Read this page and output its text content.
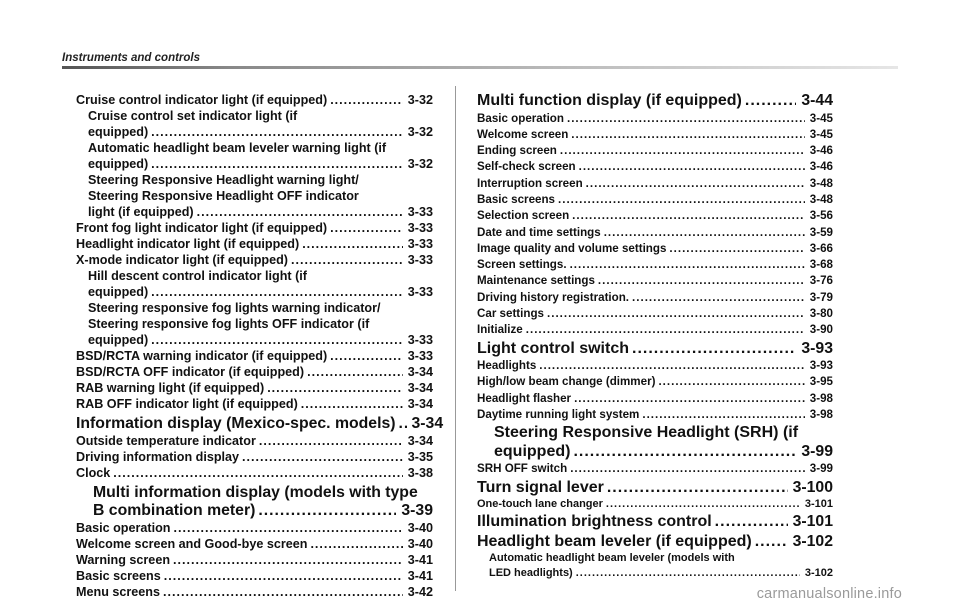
Instruments and controls
Cruise control indicator light (if equipped) .....	3-32
Cruise control set indicator light (if
equipped) .....	3-32
Automatic headlight beam leveler warning light (if
equipped) .....	3-32
Steering Responsive Headlight warning light/
Steering Responsive Headlight OFF indicator
light (if equipped) .....	3-33
Front fog light indicator light (if equipped) .....	3-33
Headlight indicator light (if equipped) .....	3-33
X-mode indicator light (if equipped) .....	3-33
Hill descent control indicator light (if
equipped) .....	3-33
Steering responsive fog lights warning indicator/
Steering responsive fog lights OFF indicator (if
equipped) .....	3-33
BSD/RCTA warning indicator (if equipped) .....	3-33
BSD/RCTA OFF indicator (if equipped) .....	3-34
RAB warning light (if equipped) .....	3-34
RAB OFF indicator light (if equipped) .....	3-34
Information display (Mexico-spec. models) ..... 3-34
Outside temperature indicator .....	3-34
Driving information display .....	3-35
Clock .....	3-38
Multi information display (models with type
B combination meter) .....	3-39
Basic operation .....	3-40
Welcome screen and Good-bye screen .....	3-40
Warning screen .....	3-41
Basic screens .....	3-41
Menu screens .....	3-42
Multi function display (if equipped) .....	3-44
Basic operation .....	3-45
Welcome screen .....	3-45
Ending screen .....	3-46
Self-check screen .....	3-46
Interruption screen .....	3-48
Basic screens .....	3-48
Selection screen .....	3-56
Date and time settings .....	3-59
Image quality and volume settings .....	3-66
Screen settings. .....	3-68
Maintenance settings .....	3-76
Driving history registration. .....	3-79
Car settings .....	3-80
Initialize .....	3-90
Light control switch .....	3-93
Headlights .....	3-93
High/low beam change (dimmer) .....	3-95
Headlight flasher .....	3-98
Daytime running light system .....	3-98
Steering Responsive Headlight (SRH) (if
equipped) .....	3-99
SRH OFF switch .....	3-99
Turn signal lever .....	3-100
One-touch lane changer .....	3-101
Illumination brightness control .....	3-101
Headlight beam leveler (if equipped) .....	3-102
Automatic headlight beam leveler (models with
LED headlights) .....	3-102
carmanualsonline.info
